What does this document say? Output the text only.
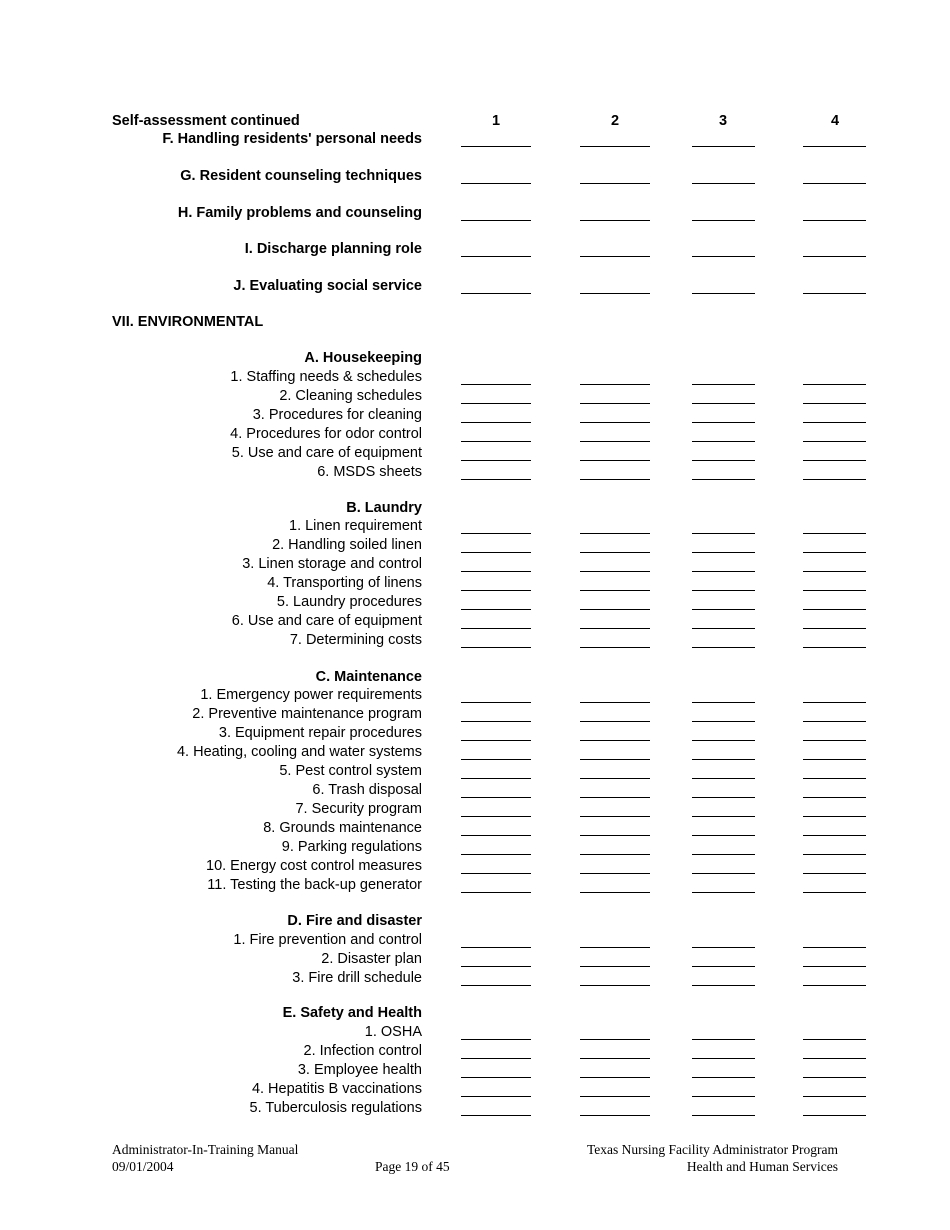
Self-assessment continued	1	2	3	4
VII. ENVIRONMENTAL
F. Handling residents' personal needs
G. Resident counseling techniques
H. Family problems and counseling
I. Discharge planning role
J. Evaluating social service
A. Housekeeping
1. Staffing needs & schedules
2. Cleaning schedules
3. Procedures for cleaning
4. Procedures for odor control
5. Use and care of equipment
6. MSDS sheets
B. Laundry
1. Linen requirement
2. Handling soiled linen
3. Linen storage and control
4. Transporting of linens
5. Laundry procedures
6. Use and care of equipment
7. Determining costs
C. Maintenance
1. Emergency power requirements
2. Preventive maintenance program
3. Equipment repair procedures
4. Heating, cooling and water systems
5. Pest control system
6. Trash disposal
7. Security program
8. Grounds maintenance
9. Parking regulations
10. Energy cost control measures
11. Testing the back-up generator
D. Fire and disaster
1. Fire prevention and control
2. Disaster plan
3. Fire drill schedule
E. Safety and Health
1. OSHA
2. Infection control
3. Employee health
4. Hepatitis B vaccinations
5. Tuberculosis regulations
Administrator-In-Training Manual
09/01/2004	Page 19 of 45
Texas Nursing Facility Administrator Program
Health and Human Services
